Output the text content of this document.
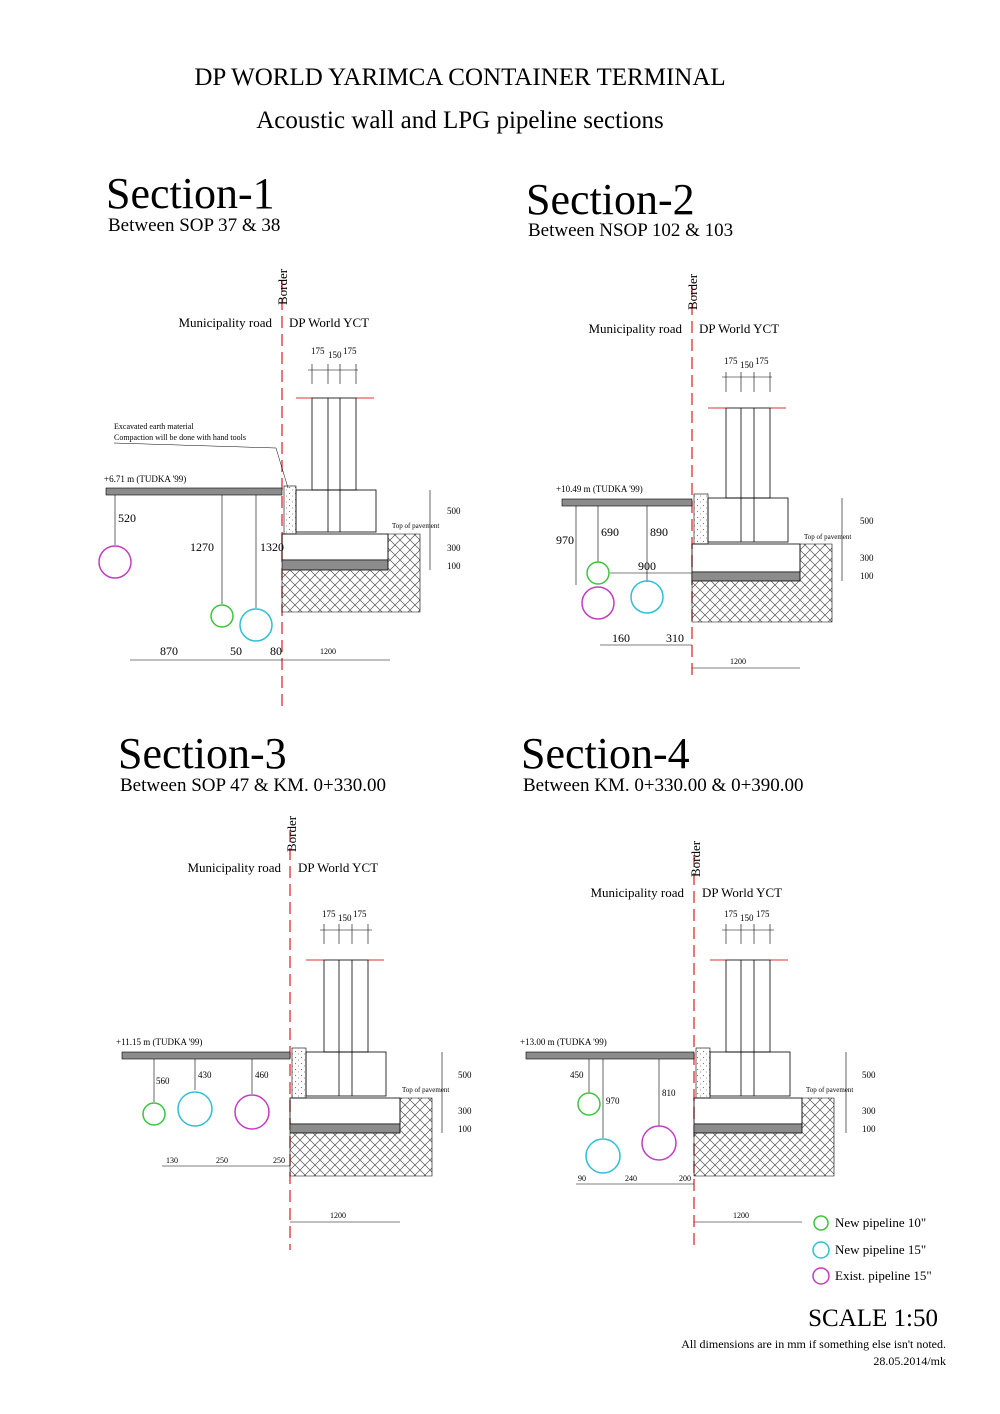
DP WORLD YARIMCA CONTAINER TERMINAL
Acoustic wall and LPG pipeline sections
Section-1
Between SOP 37 & 38
Section-2
Between NSOP 102 & 103
Section-3
Between SOP 47 & KM. 0+330.00
Section-4
Between KM. 0+330.00 & 0+390.00
Border
Municipality road DP World YCT
175 150 175
+6.71 m (TUDKA '99)
500
300
100
Top of pavement
Excavated earth material
Compaction will be done with hand tools
520
1270	1320
870	50 80	1200
Border
Municipality road DP World YCT
175 150 175
+10.49 m (TUDKA '99)
500
300
100
Top of pavement
970
690	890
900
160	310
1200
Border
Municipality road DP World YCT
175 150 175
+11.15 m (TUDKA '99)
500
300
100
Top of pavement
560
430	460
130	250	250
1200
Border
Municipality road DP World YCT
175 150 175
+13.00 m (TUDKA '99)
500
300
100
Top of pavement
450
970
810
90	240	200
1200	New pipeline 10"
New pipeline 15"
Exist. pipeline 15"
SCALE 1:50
All dimensions are in mm if something else isn't noted.
28.05.2014/mk
